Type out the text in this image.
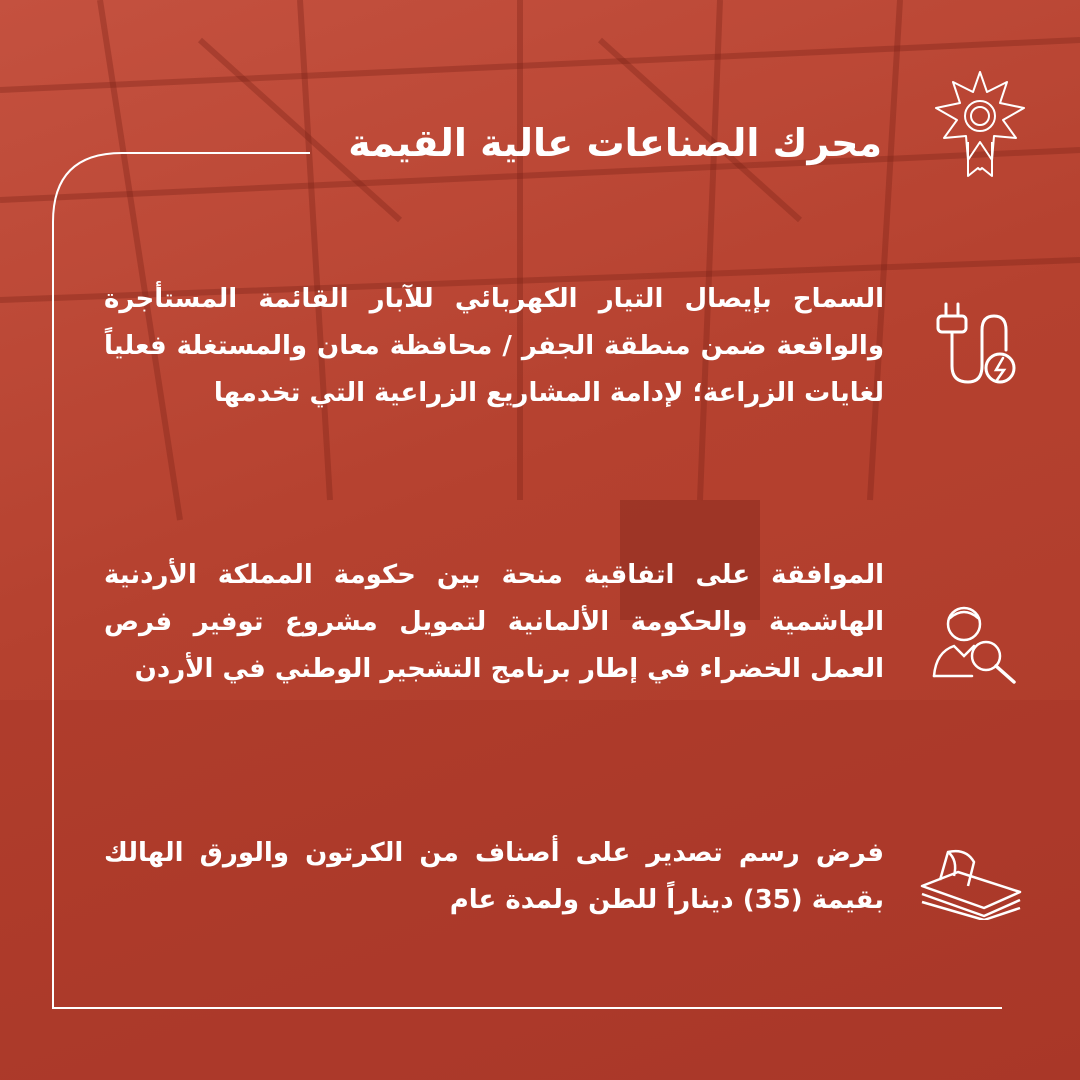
محرك الصناعات عالية القيمة
السماح بإيصال التيار الكهربائي للآبار القائمة المستأجرة والواقعة ضمن منطقة الجفر / محافظة معان والمستغلة فعلياً لغايات الزراعة؛ لإدامة المشاريع الزراعية التي تخدمها
الموافقة على اتفاقية منحة بين حكومة المملكة الأردنية الهاشمية والحكومة الألمانية لتمويل مشروع توفير فرص العمل الخضراء في إطار برنامج التشجير الوطني في الأردن
فرض رسم تصدير على أصناف من الكرتون والورق الهالك بقيمة (35) ديناراً للطن ولمدة عام
